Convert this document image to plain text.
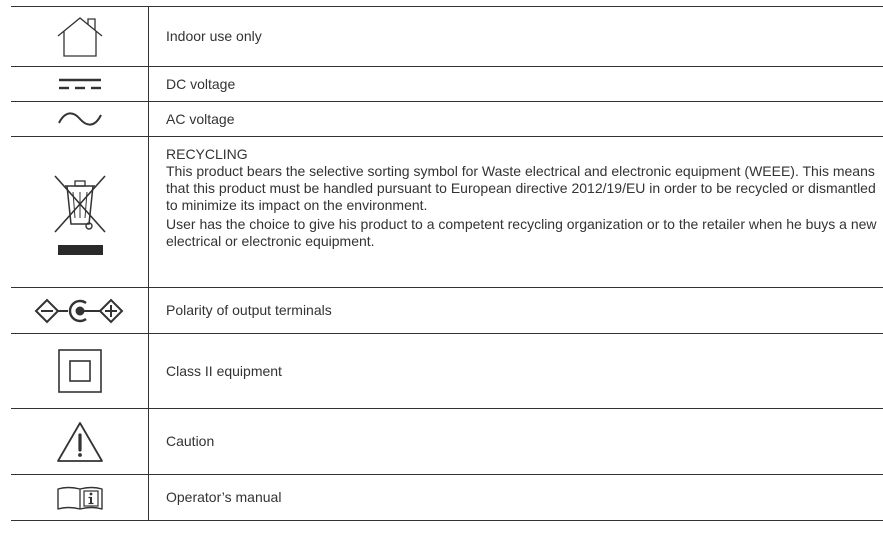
Indoor use only
DC voltage
AC voltage
RECYCLING
This product bears the selective sorting symbol for Waste electrical and electronic equipment (WEEE). This means that this product must be handled pursuant to European directive 2012/19/EU in order to be recycled or dismantled to minimize its impact on the environment.
User has the choice to give his product to a competent recycling organization or to the retailer when he buys a new electrical or electronic equipment.
Polarity of output terminals
Class II equipment
Caution
Operator’s manual
